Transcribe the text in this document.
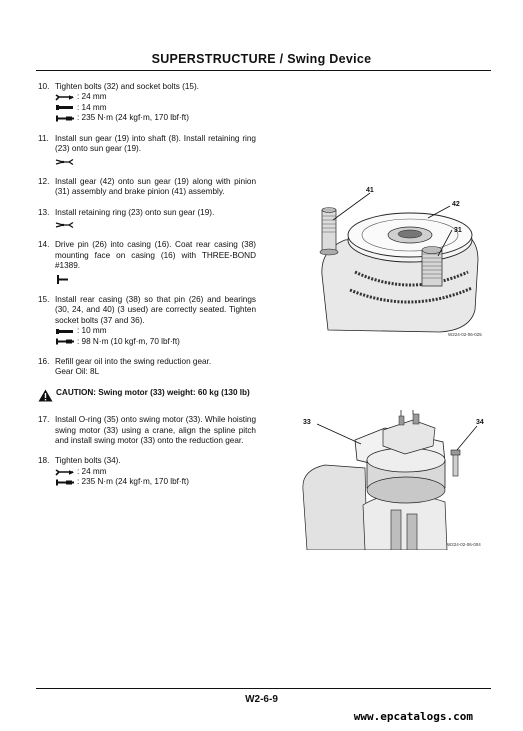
SUPERSTRUCTURE / Swing Device
10. Tighten bolts (32) and socket bolts (15).
: 24 mm
: 14 mm
: 235 N·m (24 kgf·m, 170 lbf·ft)
11. Install sun gear (19) into shaft (8). Install retaining ring (23) onto sun gear (19).
12. Install gear (42) onto sun gear (19) along with pinion (31) assembly and brake pinion (41) assembly.
13. Install retaining ring (23) onto sun gear (19).
14. Drive pin (26) into casing (16). Coat rear casing (38) mounting face on casing (16) with THREE-BOND #1389.
15. Install rear casing (38) so that pin (26) and bearings (30, 24, and 40) (3 used) are correctly seated. Tighten socket bolts (37 and 36).
: 10 mm
: 98 N·m (10 kgf·m, 70 lbf·ft)
16. Refill gear oil into the swing reduction gear.
Gear Oil: 8L
CAUTION: Swing motor (33) weight: 60 kg (130 lb)
17. Install O-ring (35) onto swing motor (33). While hoisting swing motor (33) using a crane, align the spline pitch and install swing motor (33) onto the reduction gear.
18. Tighten bolts (34).
: 24 mm
: 235 N·m (24 kgf·m, 170 lbf·ft)
41
42
31
W224-02-06-025
33	34
W224-02-06-004
W2-6-9
www.epcatalogs.com
